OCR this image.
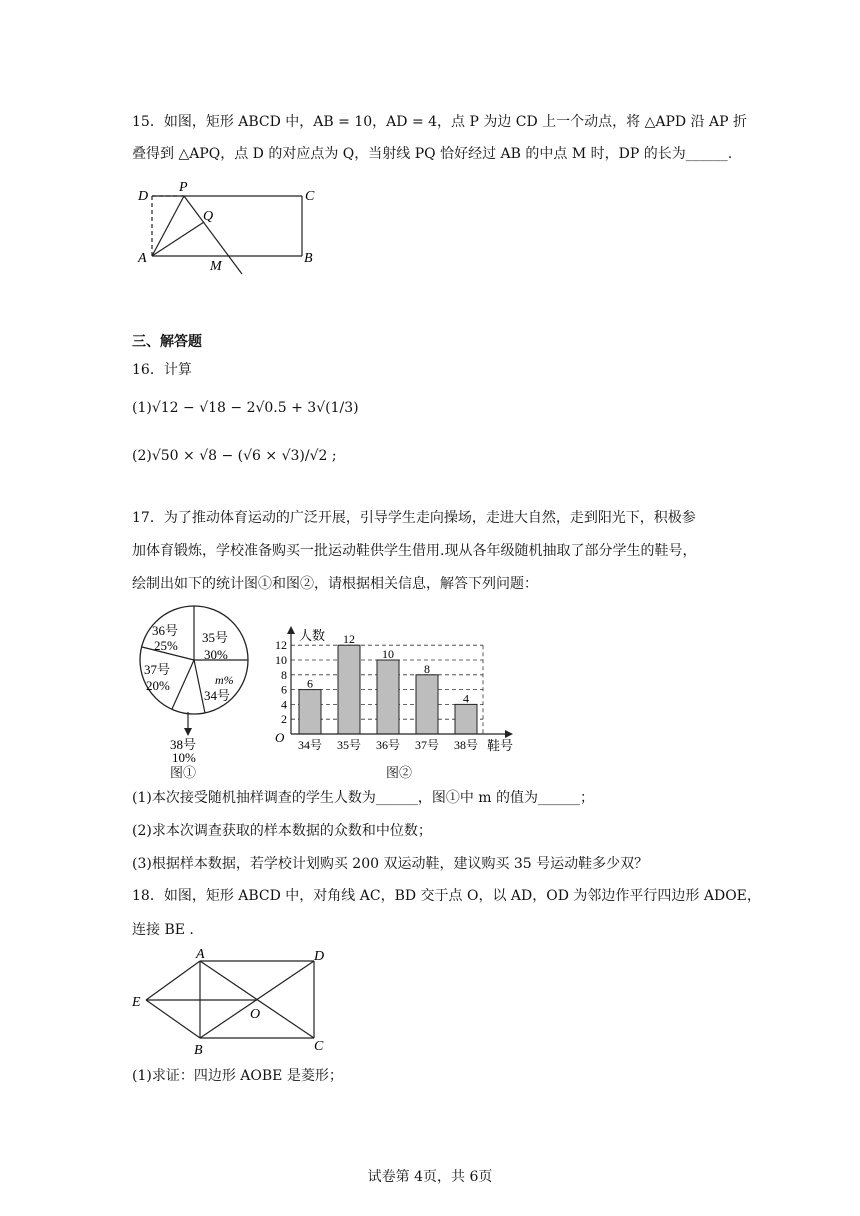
15．如图，矩形 ABCD 中，AB = 10，AD = 4，点 P 为边 CD 上一个动点，将 △APD 沿 AP 折
叠得到 △APQ，点 D 的对应点为 Q，当射线 PQ 恰好经过 AB 的中点 M 时，DP 的长为______.
D
P
C
Q
A
M
B
三、解答题
16．计算
(1)√12 − √18 − 2√0.5 + 3√(1/3)
(2)√50 × √8 − (√6 × √3)/√2 ;
17．为了推动体育运动的广泛开展，引导学生走向操场，走进大自然，走到阳光下，积极参
加体育锻炼，学校准备购买一批运动鞋供学生借用.现从各年级随机抽取了部分学生的鞋号，
绘制出如下的统计图①和图②，请根据相关信息，解答下列问题：
36号
25%
35号
30%
m%
34号
37号
20%
38号
10%
图①
2
4
6
8
10
12
6
34号
12
35号
10
36号
8
37号
4
38号
人数
鞋号
O
图②
(1)本次接受随机抽样调查的学生人数为______，图①中 m 的值为______；
(2)求本次调查获取的样本数据的众数和中位数；
(3)根据样本数据，若学校计划购买 200 双运动鞋，建议购买 35 号运动鞋多少双？
18．如图，矩形 ABCD 中，对角线 AC，BD 交于点 O，以 AD，OD 为邻边作平行四边形 ADOE，
连接 BE .
A	D
E
O
B	C
(1)求证：四边形 AOBE 是菱形；
试卷第 4页，共 6页
